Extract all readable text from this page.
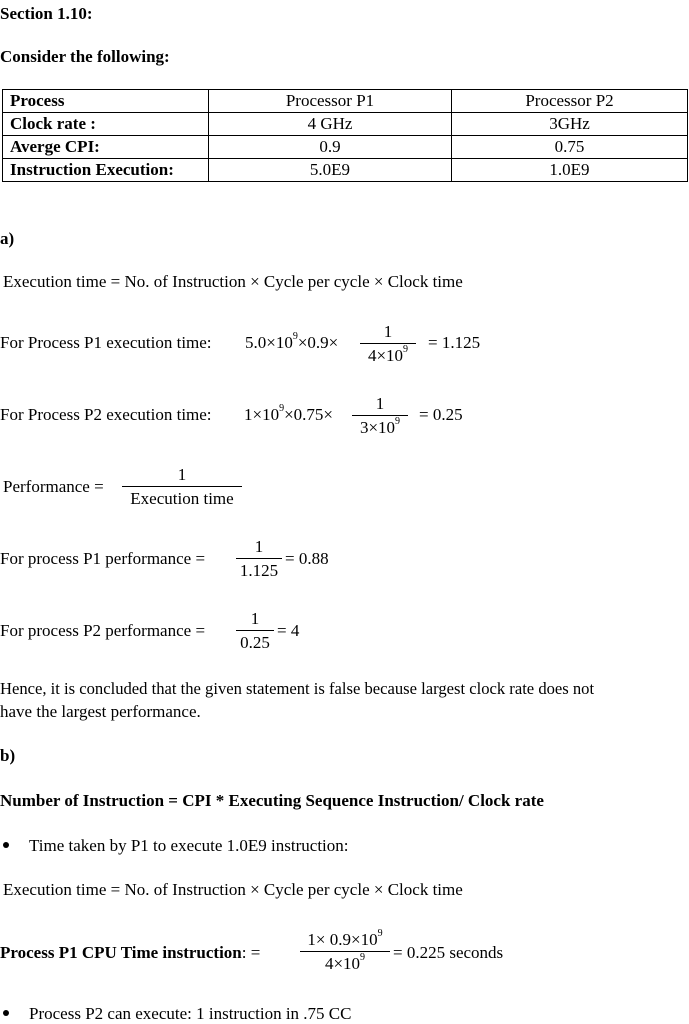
Section 1.10:
Consider the following:
Process	Processor P1	Processor P2
Clock rate :	4 GHz	3GHz
Averge CPI:	0.9	0.75
Instruction Execution:	5.0E9	1.0E9
a)
Execution time = No. of Instruction × Cycle per cycle × Clock time
For Process P1 execution time: $5.0\times 10^9\times 0.9\times \frac{1}{4\times 10^9} = 1.125$
For Process P2 execution time: $1\times 10^9\times 0.75\times \frac{1}{3\times 10^9} = 0.25$
Performance =
1
Execution time
For process P1 performance = $\frac{1}{1.125} = 0.88$
For process P2 performance = $\frac{1}{0.25} = 4$
Hence, it is concluded that the given statement is false because largest clock rate does not
have the largest performance.
b)
Number of Instruction = CPI * Executing Sequence Instruction/ Clock rate
Time taken by P1 to execute 1.0E9 instruction:
Execution time = No. of Instruction × Cycle per cycle × Clock time
Process P1 CPU Time instruction: = $\frac{1\times 0.9\times 10^9}{4\times 10^9} = 0.225$ seconds
Process P2 can execute: 1 instruction in .75 CC
